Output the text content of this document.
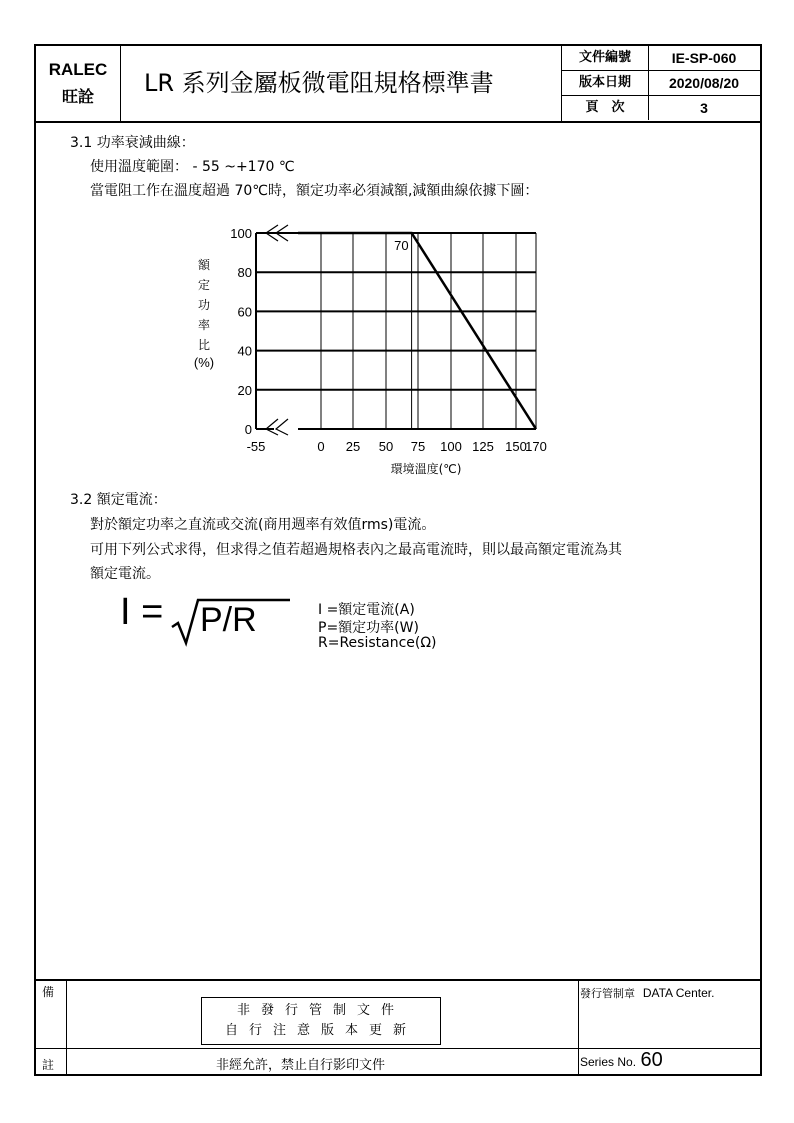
RALEC
旺詮	LR 系列金屬板微電阻規格標準書
文件編號	IE-SP-060
版本日期	2020/08/20
頁　次	3
3.1 功率衰減曲線：
使用溫度範圍： - 55 ~+170 ℃
當電阻工作在溫度超過 70℃時，額定功率必須減額,減額曲線依據下圖：
70
100
80
60
40
20
0
-55	0 25 50 75 100 125 150
170
環境溫度(℃)
額
定
功
率
比
(%)
3.2 額定電流：
對於額定功率之直流或交流(商用週率有效值rms)電流。
可用下列公式求得，但求得之值若超過規格表內之最高電流時，則以最高額定電流為其
額定電流。
I = P/R	I =額定電流(A)
P=額定功率(W)
R=Resistance(Ω)
備
註
非發行管制文件
自行注意版本更新
非經允許，禁止自行影印文件
發行管制章 DATA Center.
Series No. 60
